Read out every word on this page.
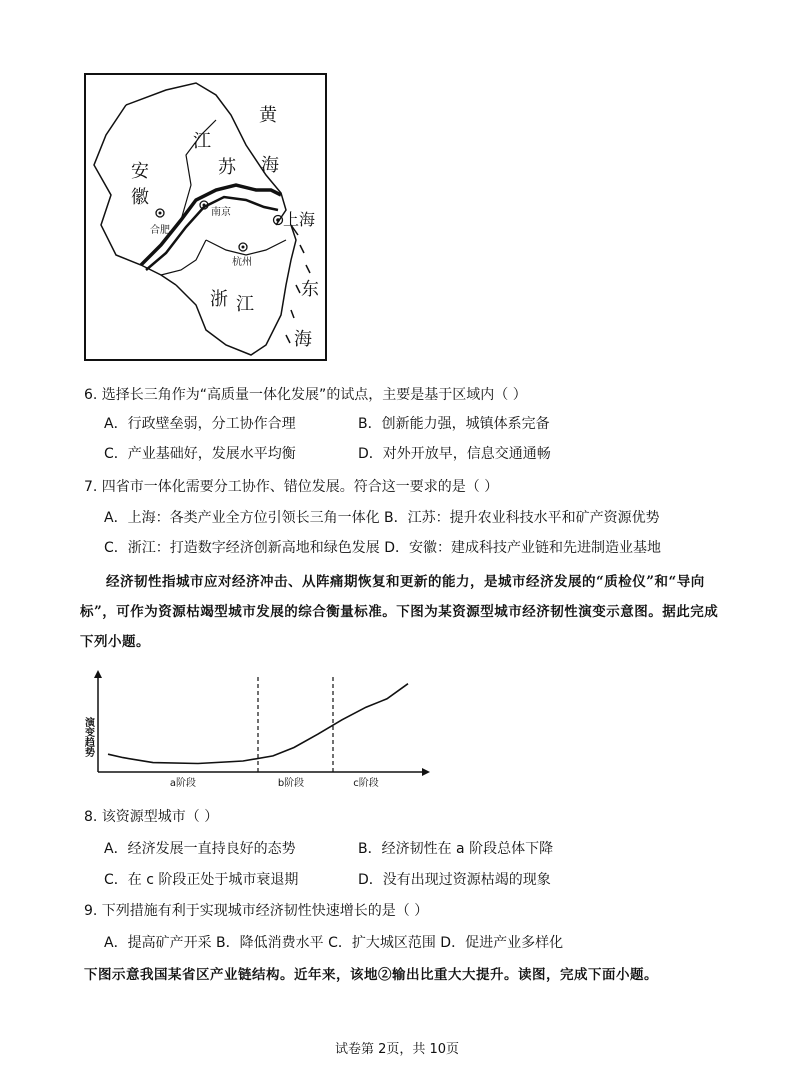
黄
海
江
苏
安
徽
上海
浙 江
东
海
合肥
南京
杭州
6. 选择长三角作为“高质量一体化发展”的试点，主要是基于区域内（ ）
A．行政壁垒弱，分工协作合理	B．创新能力强，城镇体系完备
C．产业基础好，发展水平均衡	D．对外开放早，信息交通通畅
7. 四省市一体化需要分工协作、错位发展。符合这一要求的是（ ）
A．上海：各类产业全方位引领长三角一体化 B．江苏：提升农业科技水平和矿产资源优势
C．浙江：打造数字经济创新高地和绿色发展 D．安徽：建成科技产业链和先进制造业基地
经济韧性指城市应对经济冲击、从阵痛期恢复和更新的能力，是城市经济发展的“质检仪”和“导向
标”，可作为资源枯竭型城市发展的综合衡量标准。下图为某资源型城市经济韧性演变示意图。据此完成
下列小题。
演变趋势
a阶段	b阶段	c阶段
8. 该资源型城市（ ）
A．经济发展一直持良好的态势	B．经济韧性在 a 阶段总体下降
C．在 c 阶段正处于城市衰退期	D．没有出现过资源枯竭的现象
9. 下列措施有利于实现城市经济韧性快速增长的是（ ）
A．提高矿产开采 B．降低消费水平 C．扩大城区范围 D．促进产业多样化
下图示意我国某省区产业链结构。近年来，该地②输出比重大大提升。读图，完成下面小题。
试卷第 2页，共 10页
